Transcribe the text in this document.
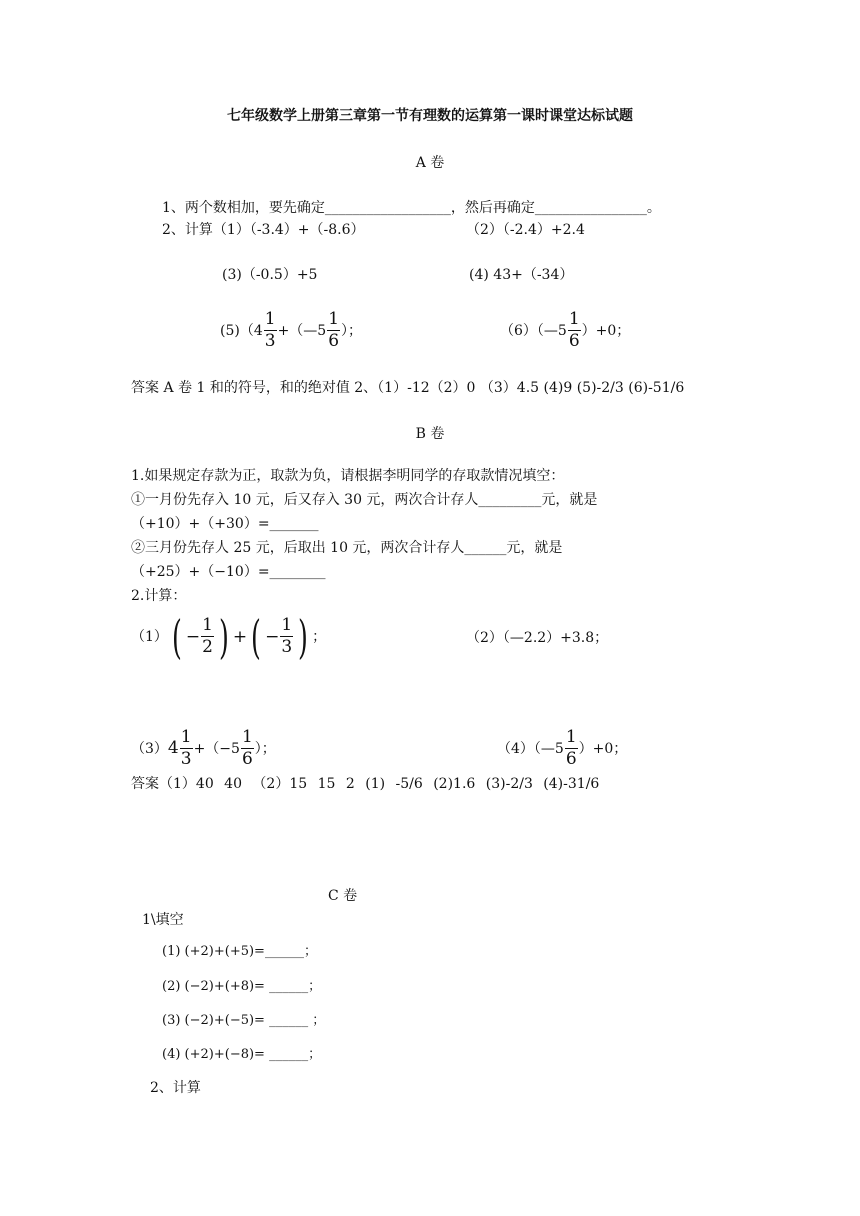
七年级数学上册第三章第一节有理数的运算第一课时课堂达标试题
A 卷
1、两个数相加，要先确定__________________，然后再确定________________。
2、计算（1）（-3.4）+（-8.6）	（2）（-2.4）+2.4
(3)（-0.5）+5	(4) 43+（-34）
$(5)(4 \frac{1}{3}$ +（—5 $\frac{1}{6}$ ）；	（6）（—5 $\frac{1}{6} )+0$；
答案 A 卷 1 和的符号，和的绝对值 2、（1）-12（2）0 （3）4.5 (4)9 (5)-2/3 (6)-51/6
B 卷
1.如果规定存款为正，取款为负，请根据李明同学的存取款情况填空：
①一月份先存入 10 元，后又存入 30 元，两次合计存人_________元，就是
（+10）+（+30）=_______
②三月份先存人 25 元，后取出 10 元，两次合计存人______元，就是
（+25）+（−10）=________
2.计算：
（1） ( − $\frac{1}{2}$ ) + ( − $\frac{1}{3}$ ) ；	（2）（—2.2）+3.8；
（3） $4 \frac{1}{3} +(-5 \frac{1}{6}$ ）；	（4）（—5 $\frac{1}{6} )+0$；
答案（1）40 40 （2）15 15 2 (1) -5/6 (2)1.6 (3)-2/3 (4)-31/6
C 卷
1\填空
(1) (+2)+(+5)=______；
(2) (−2)+(+8)= ______；
(3) (−2)+(−5)= ______ ；
(4) (+2)+(−8)= ______；
2、计算
